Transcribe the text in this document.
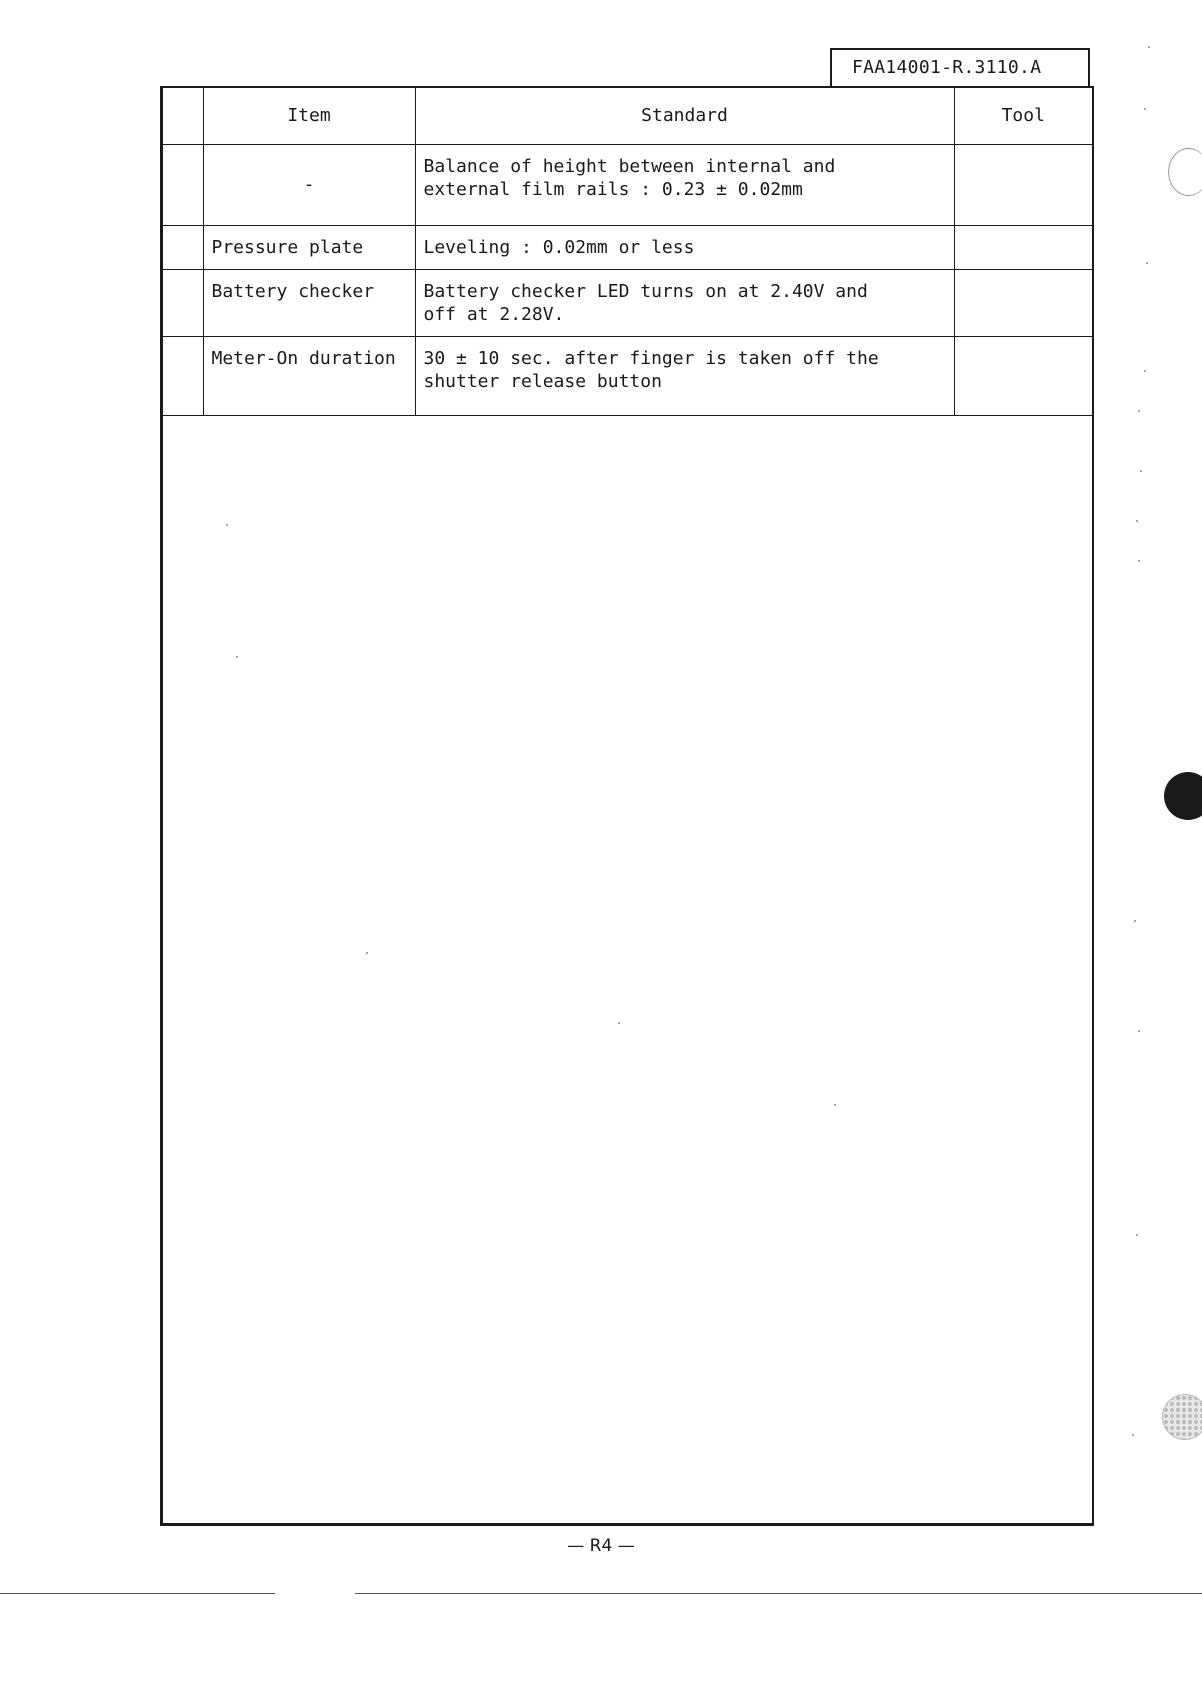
FAA14001-R.3110.A
	Item	Standard	Tool
	-	Balance of height between internal and
external film rails : 0.23 ± 0.02mm	
	Pressure plate	Leveling : 0.02mm or less	
	Battery checker	Battery checker LED turns on at 2.40V and
off at 2.28V.	
	Meter-On duration	30 ± 10 sec. after finger is taken off the
shutter release button	
— R4 —
